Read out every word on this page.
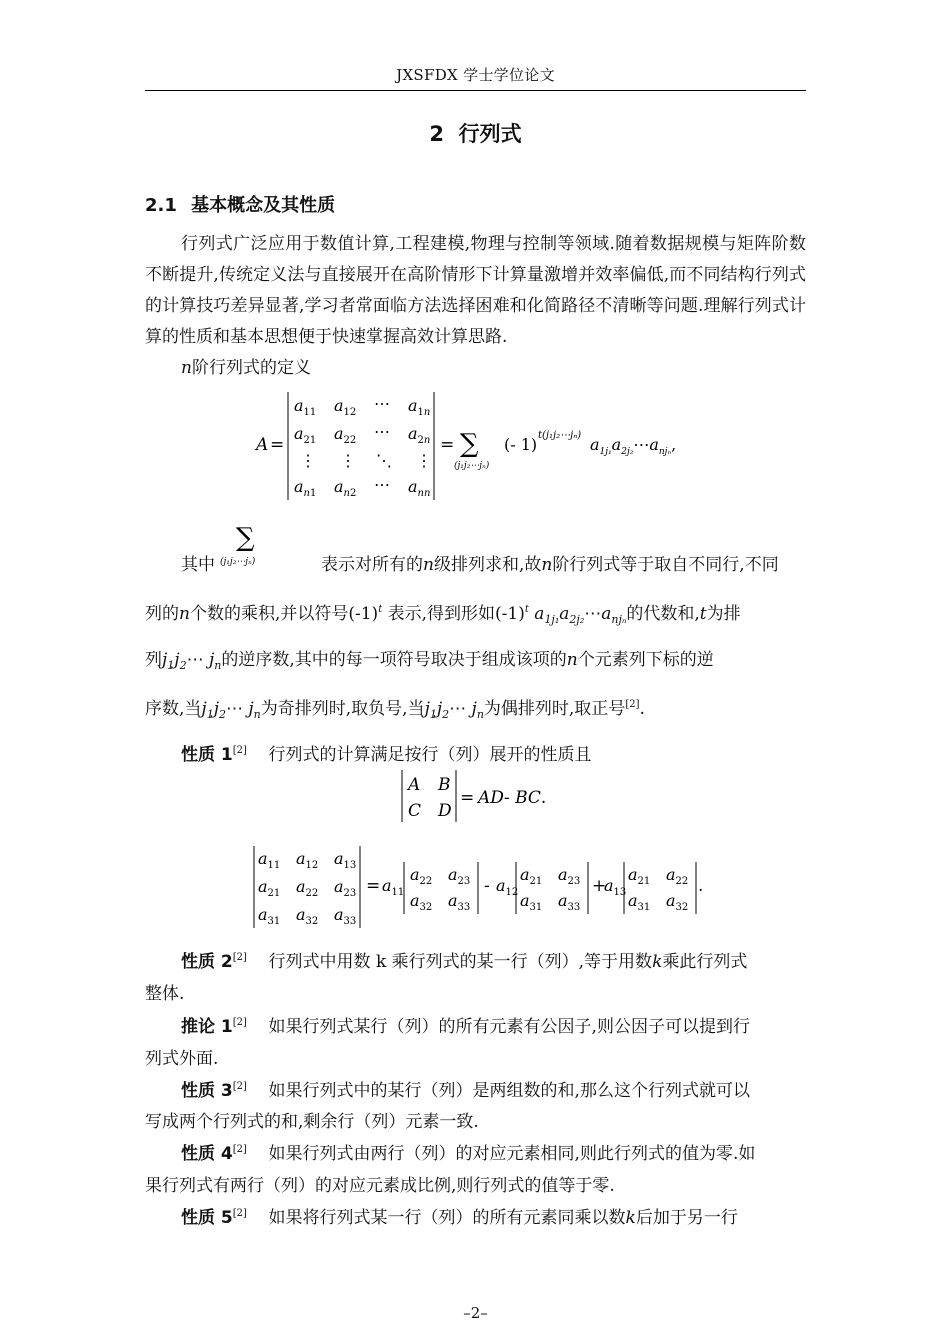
JXSFDX 学士学位论文
2 行列式
2.1 基本概念及其性质
行列式广泛应用于数值计算,工程建模,物理与控制等领域.随着数据规模与矩阵阶数不断提升,传统定义法与直接展开在高阶情形下计算量激增并效率偏低,而不同结构行列式的计算技巧差异显著,学习者常面临方法选择困难和化简路径不清晰等问题.理解行列式计算的性质和基本思想便于快速掌握高效计算思路.
n阶行列式的定义
A =
$a_{11}$ $a_{12}$ ⋯ $a_1n$
$a_{21}$ $a_{22}$ ⋯ $a_2n$
⋮ ⋮ ⋱ ⋮
$a_n1$ $a_n2$ ⋯ $a_{nn}$
= ∑
(j₁j₂⋯jₙ)
(‑ 1) t(j₁j₂⋯jₙ) $a_{1j_1}a_{2j_2}\cdots a_{nj_n}$,
∑
(j₁j₂⋯jₙ)
其中	表示对所有的n级排列求和,故n阶行列式等于取自不同行,不同
列的n个数的乘积,并以符号$(-1)^t$ 表示,得到形如$(-1)^t$ $a_{1j_1}a_{2j_2}\cdots a_{nj_n}$的代数和,t为排
列$j_1j_2\cdots$ $j_n$的逆序数,其中的每一项符号取决于组成该项的n个元素列下标的逆
序数,当$j_1j_2\cdots$ $j_n$为奇排列时,取负号,当$j_1j_2\cdots$ $j_n$为偶排列时,取正号[2].
性质 1[2] 行列式的计算满足按行（列）展开的性质且
A B
C D
= AD‑ BC.
$a_{11}$ $a_{12}$ $a_{13}$
$a_{21}$ $a_{22}$ $a_{23}$
$a_{31}$ $a_{32}$ $a_{33}$
= $a_{11}$
$a_{22}$ $a_{23}$
$a_{32}$ $a_{33}$
‑ $a_{12}$
$a_{21}$ $a_{23}$
$a_{31}$ $a_{33}$
+
$a_{13}$
$a_{21}$ $a_{22}$
$a_{31}$ $a_{32}$
.
性质 2[2] 行列式中用数 k 乘行列式的某一行（列）,等于用数k乘此行列式
整体.
推论 1[2] 如果行列式某行（列）的所有元素有公因子,则公因子可以提到行
列式外面.
性质 3[2] 如果行列式中的某行（列）是两组数的和,那么这个行列式就可以
写成两个行列式的和,剩余行（列）元素一致.
性质 4[2] 如果行列式由两行（列）的对应元素相同,则此行列式的值为零.如
果行列式有两行（列）的对应元素成比例,则行列式的值等于零.
性质 5[2] 如果将行列式某一行（列）的所有元素同乘以数k后加于另一行
–2–
